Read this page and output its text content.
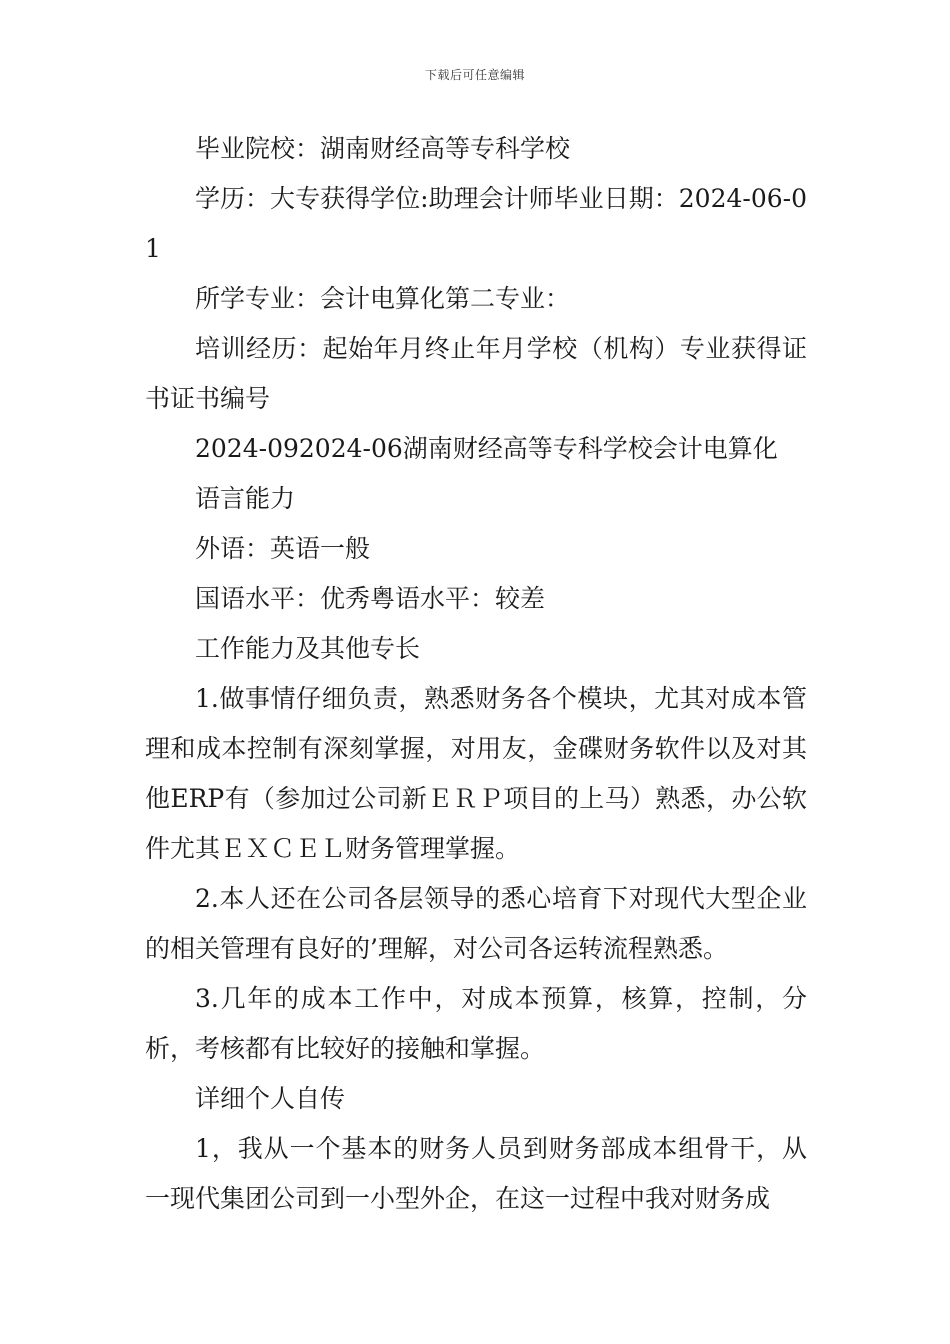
下载后可任意编辑

毕业院校：湖南财经高等专科学校

学历：大专获得学位:助理会计师毕业日期：2024-06-01

所学专业：会计电算化第二专业：

培训经历：起始年月终止年月学校（机构）专业获得证书证书编号

2024-092024-06湖南财经高等专科学校会计电算化

语言能力

外语：英语一般

国语水平：优秀粤语水平：较差

工作能力及其他专长

1.做事情仔细负责，熟悉财务各个模块，尤其对成本管理和成本控制有深刻掌握，对用友，金碟财务软件以及对其他ERP有（参加过公司新ＥＲＰ项目的上马）熟悉，办公软件尤其ＥＸＣＥＬ财务管理掌握。

2.本人还在公司各层领导的悉心培育下对现代大型企业的相关管理有良好的’理解，对公司各运转流程熟悉。

3.几年的成本工作中，对成本预算，核算，控制，分析，考核都有比较好的接触和掌握。

详细个人自传

1，我从一个基本的财务人员到财务部成本组骨干，从一现代集团公司到一小型外企，在这一过程中我对财务成
